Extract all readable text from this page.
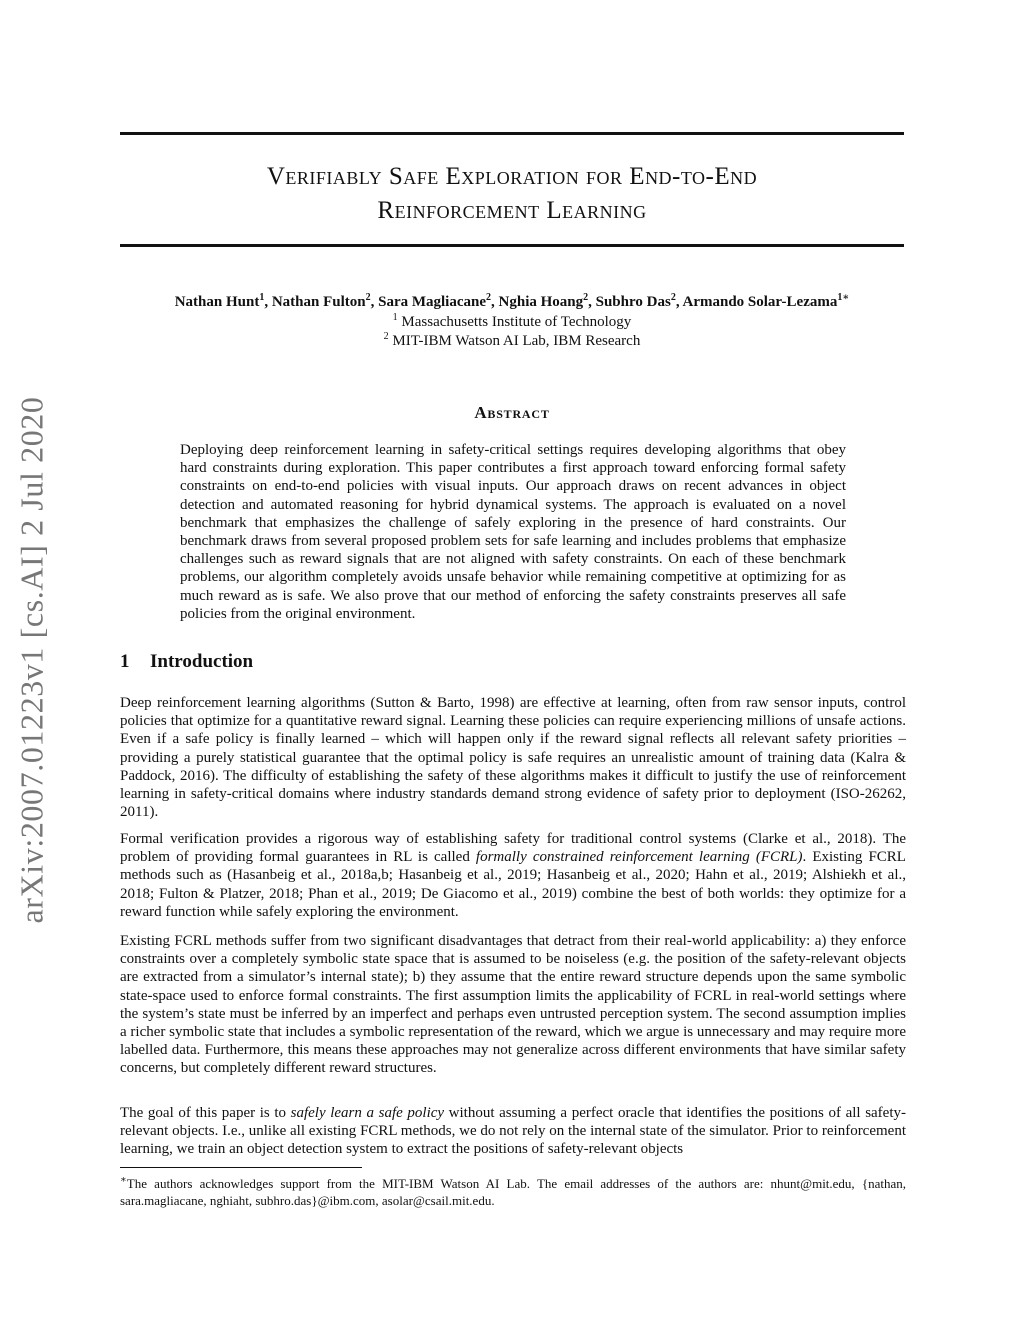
arXiv:2007.01223v1 [cs.AI] 2 Jul 2020
Verifiably Safe Exploration for End-to-End
Reinforcement Learning
Nathan Hunt$^1$, Nathan Fulton$^2$, Sara Magliacane$^2$, Nghia Hoang$^2$, Subhro Das$^2$, Armando Solar-Lezama$^{1∗}$
$^1$ Massachusetts Institute of Technology
$^2$ MIT-IBM Watson AI Lab, IBM Research
Abstract
Deploying deep reinforcement learning in safety-critical settings requires developing algorithms that obey hard constraints during exploration. This paper contributes a first approach toward enforcing formal safety constraints on end-to-end policies with visual inputs. Our approach draws on recent advances in object detection and automated reasoning for hybrid dynamical systems. The approach is evaluated on a novel benchmark that emphasizes the challenge of safely exploring in the presence of hard constraints. Our benchmark draws from several proposed problem sets for safe learning and includes problems that emphasize challenges such as reward signals that are not aligned with safety constraints. On each of these benchmark problems, our algorithm completely avoids unsafe behavior while remaining competitive at optimizing for as much reward as is safe. We also prove that our method of enforcing the safety constraints preserves all safe policies from the original environment.
1 Introduction

Deep reinforcement learning algorithms (Sutton & Barto, 1998) are effective at learning, often from raw sensor inputs, control policies that optimize for a quantitative reward signal. Learning these policies can require experiencing millions of unsafe actions. Even if a safe policy is finally learned – which will happen only if the reward signal reflects all relevant safety priorities – providing a purely statistical guarantee that the optimal policy is safe requires an unrealistic amount of training data (Kalra & Paddock, 2016). The difficulty of establishing the safety of these algorithms makes it difficult to justify the use of reinforcement learning in safety-critical domains where industry standards demand strong evidence of safety prior to deployment (ISO-26262, 2011).

Formal verification provides a rigorous way of establishing safety for traditional control systems (Clarke et al., 2018). The problem of providing formal guarantees in RL is called formally constrained reinforcement learning (FCRL). Existing FCRL methods such as (Hasanbeig et al., 2018a,b; Hasanbeig et al., 2019; Hasanbeig et al., 2020; Hahn et al., 2019; Alshiekh et al., 2018; Fulton & Platzer, 2018; Phan et al., 2019; De Giacomo et al., 2019) combine the best of both worlds: they optimize for a reward function while safely exploring the environment.

Existing FCRL methods suffer from two significant disadvantages that detract from their real-world applicability: a) they enforce constraints over a completely symbolic state space that is assumed to be noiseless (e.g. the position of the safety-relevant objects are extracted from a simulator’s internal state); b) they assume that the entire reward structure depends upon the same symbolic state-space used to enforce formal constraints. The first assumption limits the applicability of FCRL in real-world settings where the system’s state must be inferred by an imperfect and perhaps even untrusted perception system. The second assumption implies a richer symbolic state that includes a symbolic representation of the reward, which we argue is unnecessary and may require more labelled data. Furthermore, this means these approaches may not generalize across different environments that have similar safety concerns, but completely different reward structures.

The goal of this paper is to safely learn a safe policy without assuming a perfect oracle that identifies the positions of all safety-relevant objects. I.e., unlike all existing FCRL methods, we do not rely on the internal state of the simulator. Prior to reinforcement learning, we train an object detection system to extract the positions of safety-relevant objects

∗The authors acknowledges support from the MIT-IBM Watson AI Lab. The email addresses of the authors are: nhunt@mit.edu, {nathan, sara.magliacane, nghiaht, subhro.das}@ibm.com, asolar@csail.mit.edu.
